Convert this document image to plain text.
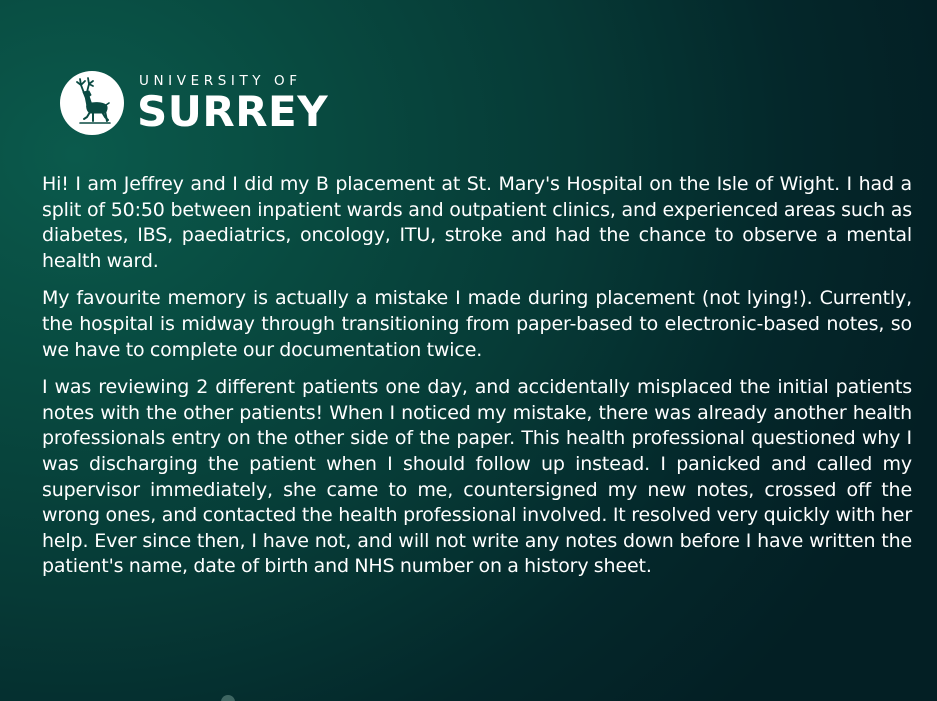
UNIVERSITY OF
SURREY

Hi! I am Jeffrey and I did my B placement at St. Mary's Hospital on the Isle of Wight. I had a split of 50:50 between inpatient wards and outpatient clinics, and experienced areas such as diabetes, IBS, paediatrics, oncology, ITU, stroke and had the chance to observe a mental health ward.

My favourite memory is actually a mistake I made during placement (not lying!). Currently, the hospital is midway through transitioning from paper-based to electronic-based notes, so we have to complete our documentation twice.

I was reviewing 2 different patients one day, and accidentally misplaced the initial patients notes with the other patients! When I noticed my mistake, there was already another health professionals entry on the other side of the paper. This health professional questioned why I was discharging the patient when I should follow up instead. I panicked and called my supervisor immediately, she came to me, countersigned my new notes, crossed off the wrong ones, and contacted the health professional involved. It resolved very quickly with her help. Ever since then, I have not, and will not write any notes down before I have written the patient's name, date of birth and NHS number on a history sheet.
